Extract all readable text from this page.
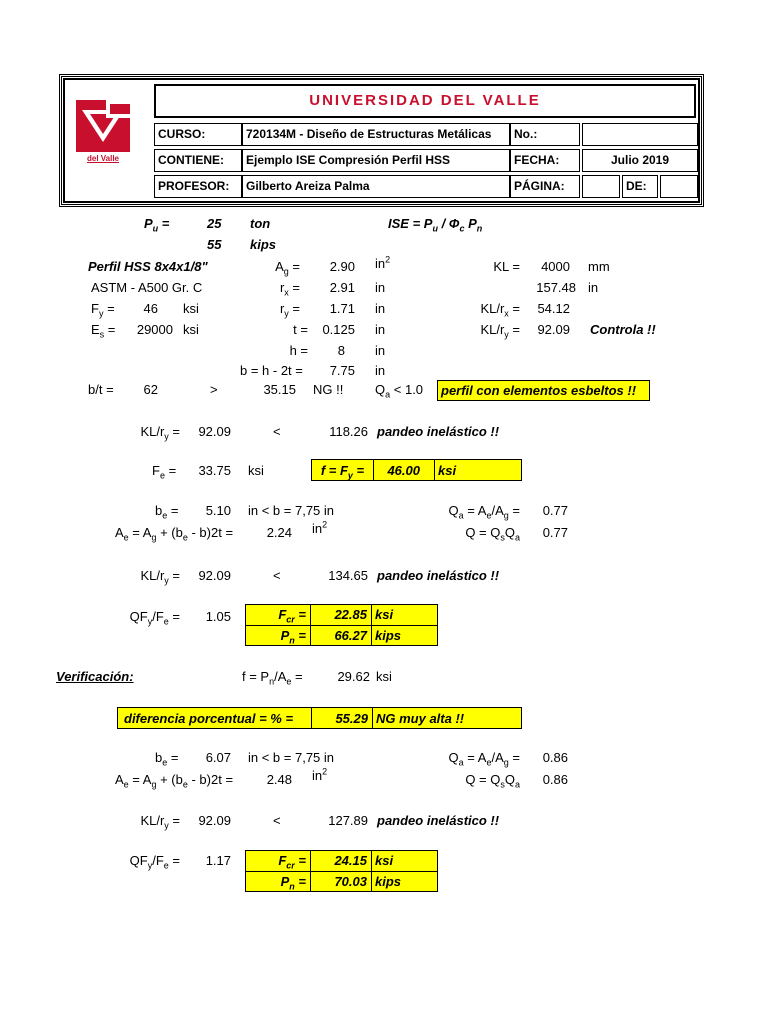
Universidad
del Valle
UNIVERSIDAD DEL VALLE
CURSO:	720134M - Diseño de Estructuras Metálicas	No.:
CONTIENE:	Ejemplo ISE Compresión Perfil HSS	FECHA:	Julio 2019
PROFESOR:	Gilberto Areiza Palma	PÁGINA:	DE:
$P_u$ =	25 ton	ISE = $P_u / \Phi_c$ $P_n$
55 kips
Perfil HSS 8x4x1/8"	$A_g$ =	2.90 $in^2$	KL =	4000 mm
ASTM - A500 Gr. C	$r_x$ =	2.91 in	157.48 in
$F_y$ =	46 ksi	$r_y$ =	1.71 in	$KL/r_x$ =	54.12
$E_s$ =	29000 ksi	t =	0.125 in	$KL/r_y$ =	92.09 Controla !!
h =	8 in
b = h - 2t =	7.75 in
b/t =	62	>	35.15 NG !! $Q_a < 1.0$	perfil con elementos esbeltos !!
$KL/r_y$ =	92.09	<	118.26 pandeo inelástico !!
$F_e$ =	33.75 ksi	$f = F_y$ =	46.00	ksi
$b_e$ =	5.10 in < b = 7,75 in	$Q_a = A_e/A_g$ =	0.77
$A_e = A_g + (b_e - b)2t$ =	2.24 $in^2$
$Q = Q_sQ_a$	0.77
$KL/r_y$ =	92.09	<	134.65 pandeo inelástico !!
$QF_y/F_e$ =	1.05	$F_{cr}$ =	22.85 ksi
$P_n$ =	66.27 kips
Verificación:	$f = P_n/A_e$ =	29.62 ksi
diferencia porcentual = % =	55.29 NG muy alta !!
$b_e$ =	6.07 in < b = 7,75 in	$Q_a = A_e/A_g$ =	0.86
$A_e = A_g + (b_e - b)2t$ =	2.48 $in^2$
$Q = Q_sQ_a$	0.86
$KL/r_y$ =	92.09	<	127.89 pandeo inelástico !!
$QF_y/F_e$ =	1.17	$F_{cr}$ =	24.15 ksi
$P_n$ =	70.03 kips
